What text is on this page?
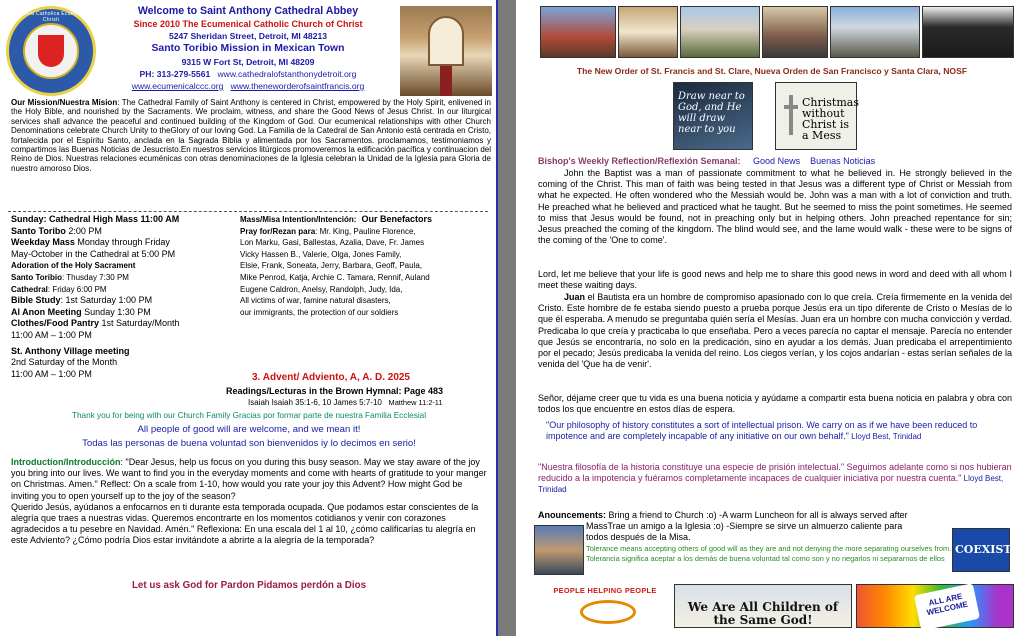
Ecclesia Catholica Ecumenica Christi
Welcome to Saint Anthony Cathedral Abbey
Since 2010 The Ecumenical Catholic Church of Christ
5247 Sheridan Street, Detroit, MI 48213
Santo Toribio Mission in Mexican Town
9315 W Fort St, Detroit, MI 48209
PH: 313-279-5561 www.cathedralofstanthonydetroit.org
www.ecumenicalccc.org www.theneworderofsaintfrancis.org
Our Mission/Nuestra Mision: The Cathedral Family of Saint Anthony is centered in Christ, empowered by the Holy Spirit, enlivened in the Holy Bible, and nourished by the Sacraments. We proclaim, witness, and share the Good News of Jesus Christ. In our liturgical services shall advance the peaceful and continued building of the Kingdom of God. Our ecumenical relationships with other Church Denominations celebrate Church Unity to theGlory of our loving God. La Familia de la Catedral de San Antonio está centrada en Cristo, fortalecida por el Espíritu Santo, anclada en la Sagrada Biblia y alimentada por los Sacramentos. proclamamos, testimoniamos y compartimos las Buenas Noticias de Jesucristo.En nuestros servicios litúrgicos promoveremos la edificación pacífica y continuacion del Reino de Dios. Nuestras relaciones ecuménicas con otras denominaciones de la Iglesia celebran la Unidad de la Iglesia para Gloria de nuestro amoroso Dios.
Sunday: Cathedral High Mass 11:00 AM
Santo Toribo 2:00 PM
Weekday Mass Monday through Friday
May-October in the Cathedral at 5:00 PM
Adoration of the Holy Sacrament
Santo Toribio: Thusday 7:30 PM
Cathedral: Friday 6:00 PM
Bible Study: 1st Saturday 1:00 PM
Al Anon Meeting Sunday 1:30 PM
Clothes/Food Pantry 1st Saturday/Month
11:00 AM – 1:00 PM
St. Anthony Village meeting
2nd Saturday of the Month
11:00 AM – 1:00 PM
Mass/Misa Intention/Intención: Our Benefactors
Pray for/Rezan para: Mr. King, Pauline Florence,
Lon Marku, Gasi, Ballestas, Azalia, Dave, Fr. James
Vicky Hassen B., Valerie, Olga, Jones Family,
Elsie, Frank, Soneata, Jerry, Barbara, Geoff, Paula,
Mike Penrod, Katja, Archie C. Tamara, Rennif, Auland
Eugene Caldron, Anelsy, Randolph, Judy, Ida,
All victims of war, famine natural disasters,
our immigrants, the protection of our soldiers
3. Advent/ Adviento, A, A. D. 2025
Readings/Lecturas in the Brown Hymnal: Page 483
Isaiah Isaiah 35:1-6, 10 James 5:7-10 Matthew 11:2-11
Thank you for being with our Church Family Gracias por formar parte de nuestra Familia Ecclesial
All people of good will are welcome, and we mean it!
Todas las personas de buena voluntad son bienvenidos iy lo decimos en serio!
Introduction/Introducción: "Dear Jesus, help us focus on you during this busy season. May we stay aware of the joy you bring into our lives. We want to find you in the everyday moments and come with hearts of gratitude to your manger on Christmas. Amen." Reflect: On a scale from 1-10, how would you rate your joy this Advent? How might God be inviting you to open yourself up to the joy of the season?
Querido Jesús, ayúdanos a enfocarnos en ti durante esta temporada ocupada. Que podamos estar conscientes de la alegría que traes a nuestras vidas. Queremos encontrarte en los momentos cotidianos y venir con corazones agradecidos a tu pesebre en Navidad. Amén." Reflexiona: En una escala del 1 al 10, ¿cómo calificarías tu alegría en este Adviento? ¿Cómo podría Dios estar invitándote a abrirte a la alegría de la temporada?
Let us ask God for Pardon Pidamos perdón a Dios
The New Order of St. Francis and St. Clare, Nueva Orden de San Francisco y Santa Clara, NOSF
Draw near to God, and He will draw near to you
Christmas without Christ is a Mess
Bishop's Weekly Reflection/Reflexión Semanal: Good News Buenas Noticias
John the Baptist was a man of passionate commitment to what he believed in. He strongly believed in the coming of the Christ. This man of faith was being tested in that Jesus was a different type of Christ or Messiah from what he expected. He often wondered who the Messiah would be. John was a man with a lot of conviction and truth. He preached what he believed and practiced what he taught. But he seemed to miss the point sometimes. He seemed to miss that Jesus would be found, not in preaching only but in helping others. John preached repentance for sin; Jesus preached the coming of the kingdom. The blind would see, and the lame would walk - these were to be signs of the coming of the 'One to come'.
Lord, let me believe that your life is good news and help me to share this good news in word and deed with all whom I meet these waiting days.
Juan el Bautista era un hombre de compromiso apasionado con lo que creía. Creía firmemente en la venida del Cristo. Este hombre de fe estaba siendo puesto a prueba porque Jesús era un tipo diferente de Cristo o Mesías de lo que él esperaba. A menudo se preguntaba quién sería el Mesías. Juan era un hombre con mucha convicción y verdad. Predicaba lo que creía y practicaba lo que enseñaba. Pero a veces parecía no captar el mensaje. Parecía no entender que Jesús se encontraría, no solo en la predicación, sino en ayudar a los demás. Juan predicaba el arrepentimiento por el pecado; Jesús predicaba la venida del reino. Los ciegos verían, y los cojos andarían - estas serían señales de la venida del 'Que ha de venir'.
Señor, déjame creer que tu vida es una buena noticia y ayúdame a compartir esta buena noticia en palabra y obra con todos los que encuentre en estos días de espera.
"Our philosophy of history constitutes a sort of intellectual prison. We carry on as if we have been reduced to impotence and are completely incapable of any initiative on our own behalf." Lloyd Best, Trinidad
"Nuestra filosofía de la historia constituye una especie de prisión intelectual." Seguimos adelante como si nos hubieran reducido a la impotencia y fuéramos completamente incapaces de cualquier iniciativa por nuestra cuenta." Lloyd Best, Trinidad
Anouncements: Bring a friend to Church :o) -A warm Luncheon for all is always served after
MassTrae un amigo a la Iglesia :o) -Siempre se sirve un almuerzo caliente para
todos después de la Misa.
Tolerance means accepting others of good will as they are and not denying the more separating ourselves from. Tolerancia significa aceptar a los demás de buena voluntad tal como son y no negarlos ni separarnos de ellos
COEXIST
PEOPLE HELPING PEOPLE
We Are All Children of the Same God!
ALL ARE WELCOME
